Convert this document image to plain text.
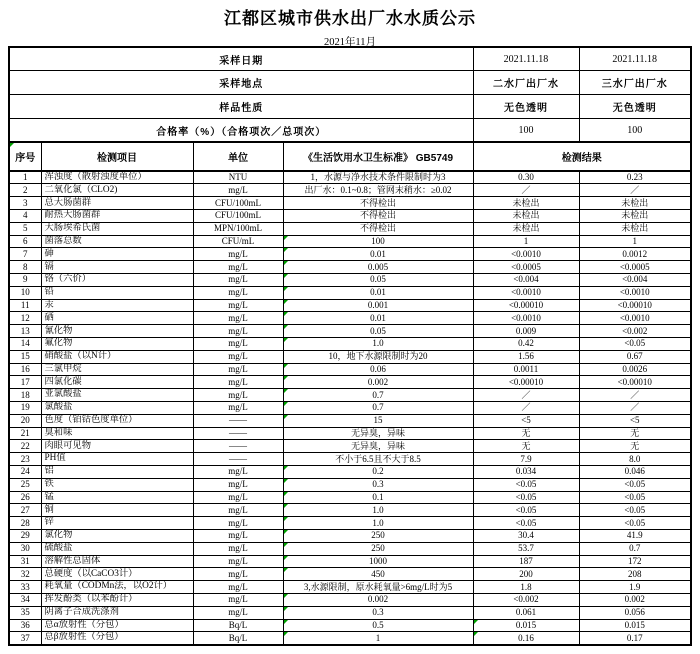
江都区城市供水出厂水水质公示
2021年11月
采样日期				2021.11.18	2021.11.18
采样地点				二水厂出厂水	三水厂出厂水
样品性质				无色透明	无色透明
合格率（%）（合格项次／总项次）				100	100

序号	检测项目	单位	《生活饮用水卫生标准》 GB5749	检测结果	
1	浑浊度（散射浊度单位）	NTU	1，水源与净水技术条件限制时为3	0.30	0.23
2	二氧化氯（CLO2)	mg/L	出厂水：0.1~0.8；管网末稍水：≥0.02	／	／
3	总大肠菌群	CFU/100mL	不得检出	未检出	未检出
4	耐热大肠菌群	CFU/100mL	不得检出	未检出	未检出
5	大肠埃希氏菌	MPN/100mL	不得检出	未检出	未检出
6	菌落总数	CFU/mL	100	1	1
7	砷	mg/L	0.01	<0.0010	0.0012
8	镉	mg/L	0.005	<0.0005	<0.0005
9	铬（六价）	mg/L	0.05	<0.004	<0.004
10	铅	mg/L	0.01	<0.0010	<0.0010
11	汞	mg/L	0.001	<0.00010	<0.00010
12	硒	mg/L	0.01	<0.0010	<0.0010
13	氰化物	mg/L	0.05	0.009	<0.002
14	氟化物	mg/L	1.0	0.42	<0.05
15	硝酸盐（以N计）	mg/L	10，地下水源限制时为20	1.56	0.67
16	三氯甲烷	mg/L	0.06	0.0011	0.0026
17	四氯化碳	mg/L	0.002	<0.00010	<0.00010
18	亚氯酸盐	mg/L	0.7	／	／
19	氯酸盐	mg/L	0.7	／	／
20	色度（铂钴色度单位）	——	15	<5	<5
21	臭和味	——	无异臭，异味	无	无
22	肉眼可见物	——	无异臭，异味	无	无
23	PH值	——	不小于6.5且不大于8.5	7.9	8.0
24	铝	mg/L	0.2	0.034	0.046
25	铁	mg/L	0.3	<0.05	<0.05
26	锰	mg/L	0.1	<0.05	<0.05
27	铜	mg/L	1.0	<0.05	<0.05
28	锌	mg/L	1.0	<0.05	<0.05
29	氯化物	mg/L	250	30.4	41.9
30	硫酸盐	mg/L	250	53.7	0.7
31	溶解性总固体	mg/L	1000	187	172
32	总硬度（以CaCO3计）	mg/L	450	200	208
33	耗氧量（CODMn法，以O2计）	mg/L	3,水源限制，原水耗氧量>6mg/L时为5	1.8	1.9
34	挥发酚类（以苯酚计）	mg/L	0.002	<0.002	0.002
35	阴离子合成洗涤剂	mg/L	0.3	0.061	0.056
36	总α放射性（分包）	Bq/L	0.5	0.015	0.015
37	总β放射性（分包）	Bq/L	1	0.16	0.17
